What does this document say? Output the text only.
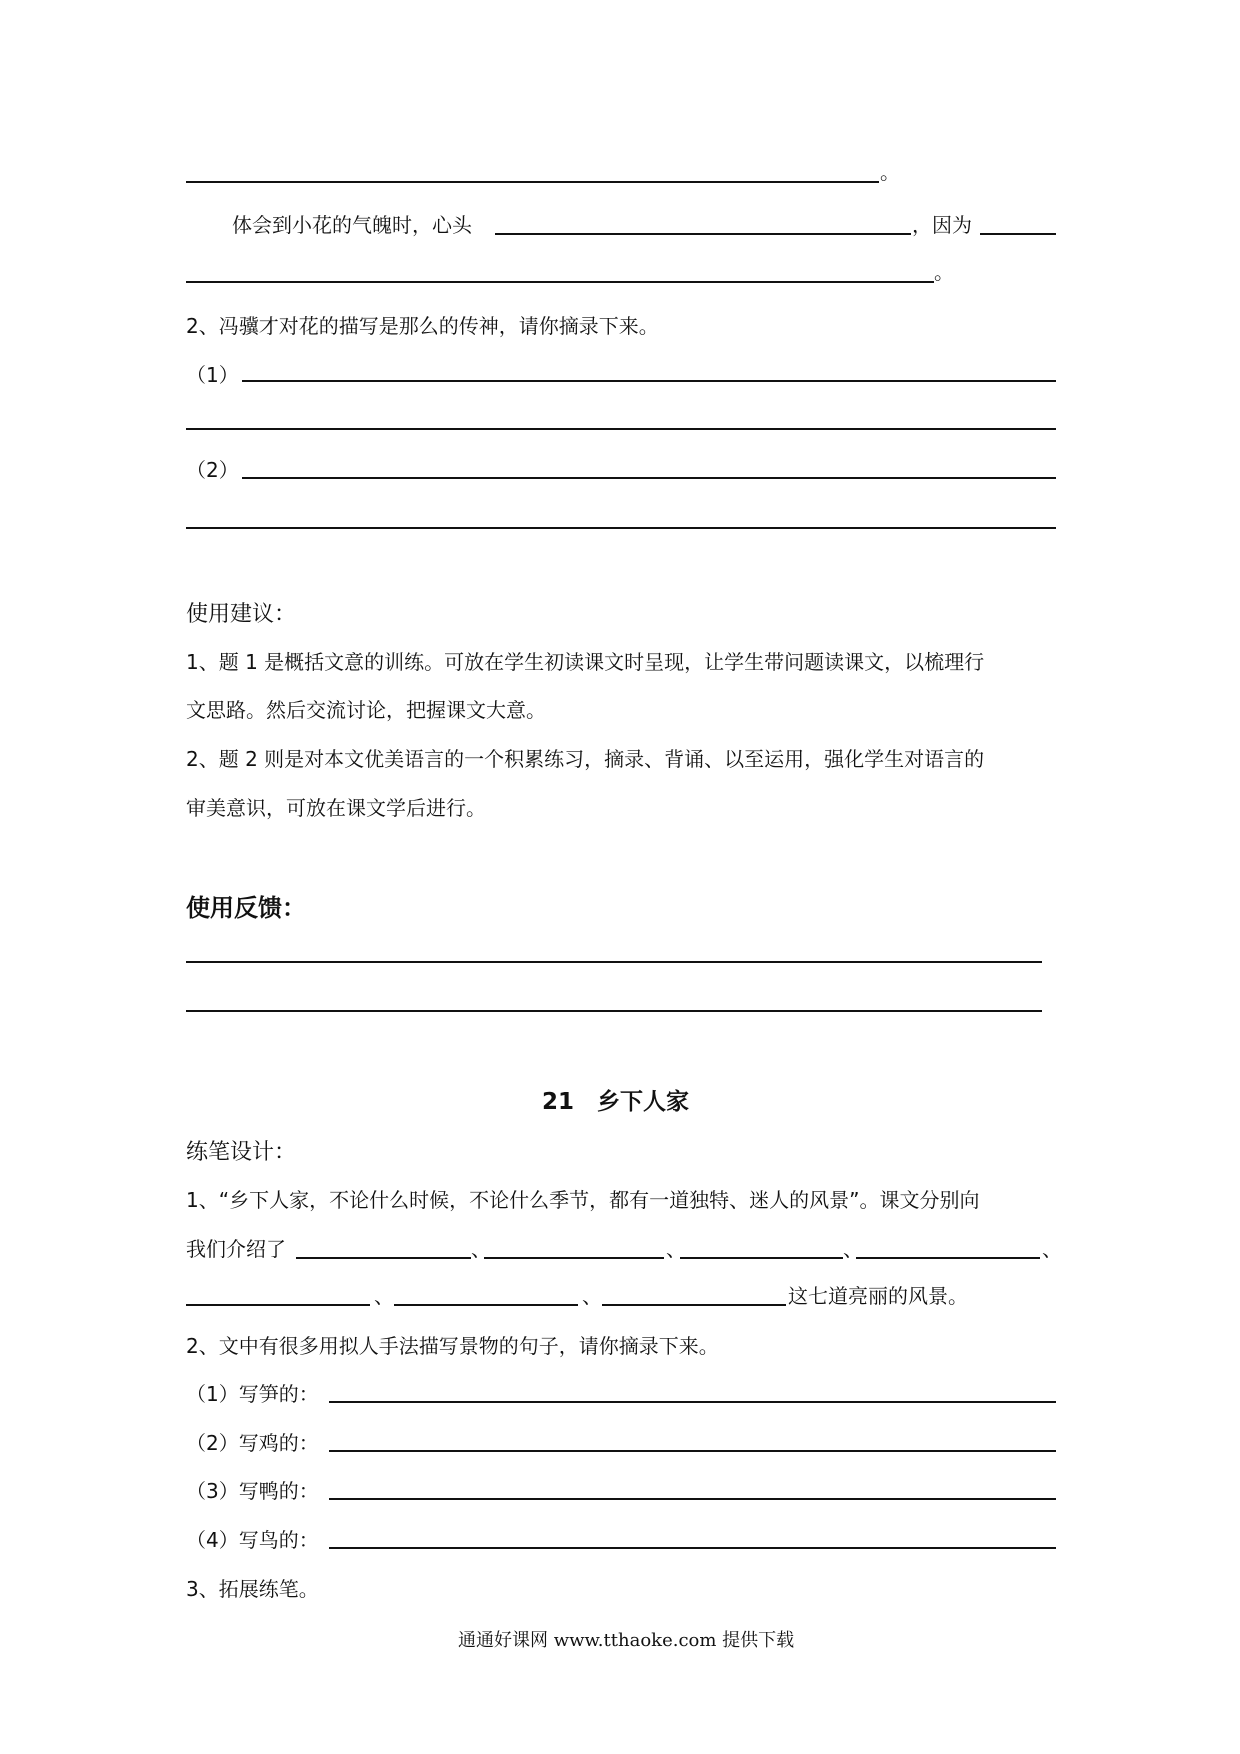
。
体会到小花的气魄时，心头	，因为
。
2、冯骥才对花的描写是那么的传神，请你摘录下来。
（1）
（2）
使用建议：
1、题 1 是概括文意的训练。可放在学生初读课文时呈现，让学生带问题读课文，以梳理行
文思路。然后交流讨论，把握课文大意。
2、题 2 则是对本文优美语言的一个积累练习，摘录、背诵、以至运用，强化学生对语言的
审美意识，可放在课文学后进行。
使用反馈：
21　乡下人家
练笔设计：
1、“乡下人家，不论什么时候，不论什么季节，都有一道独特、迷人的风景”。课文分别向
我们介绍了	、	、	、	、
、	、	这七道亮丽的风景。
2、文中有很多用拟人手法描写景物的句子，请你摘录下来。
（1）写笋的：
（2）写鸡的：
（3）写鸭的：
（4）写鸟的：
3、拓展练笔。
通通好课网 www.tthaoke.com 提供下载
